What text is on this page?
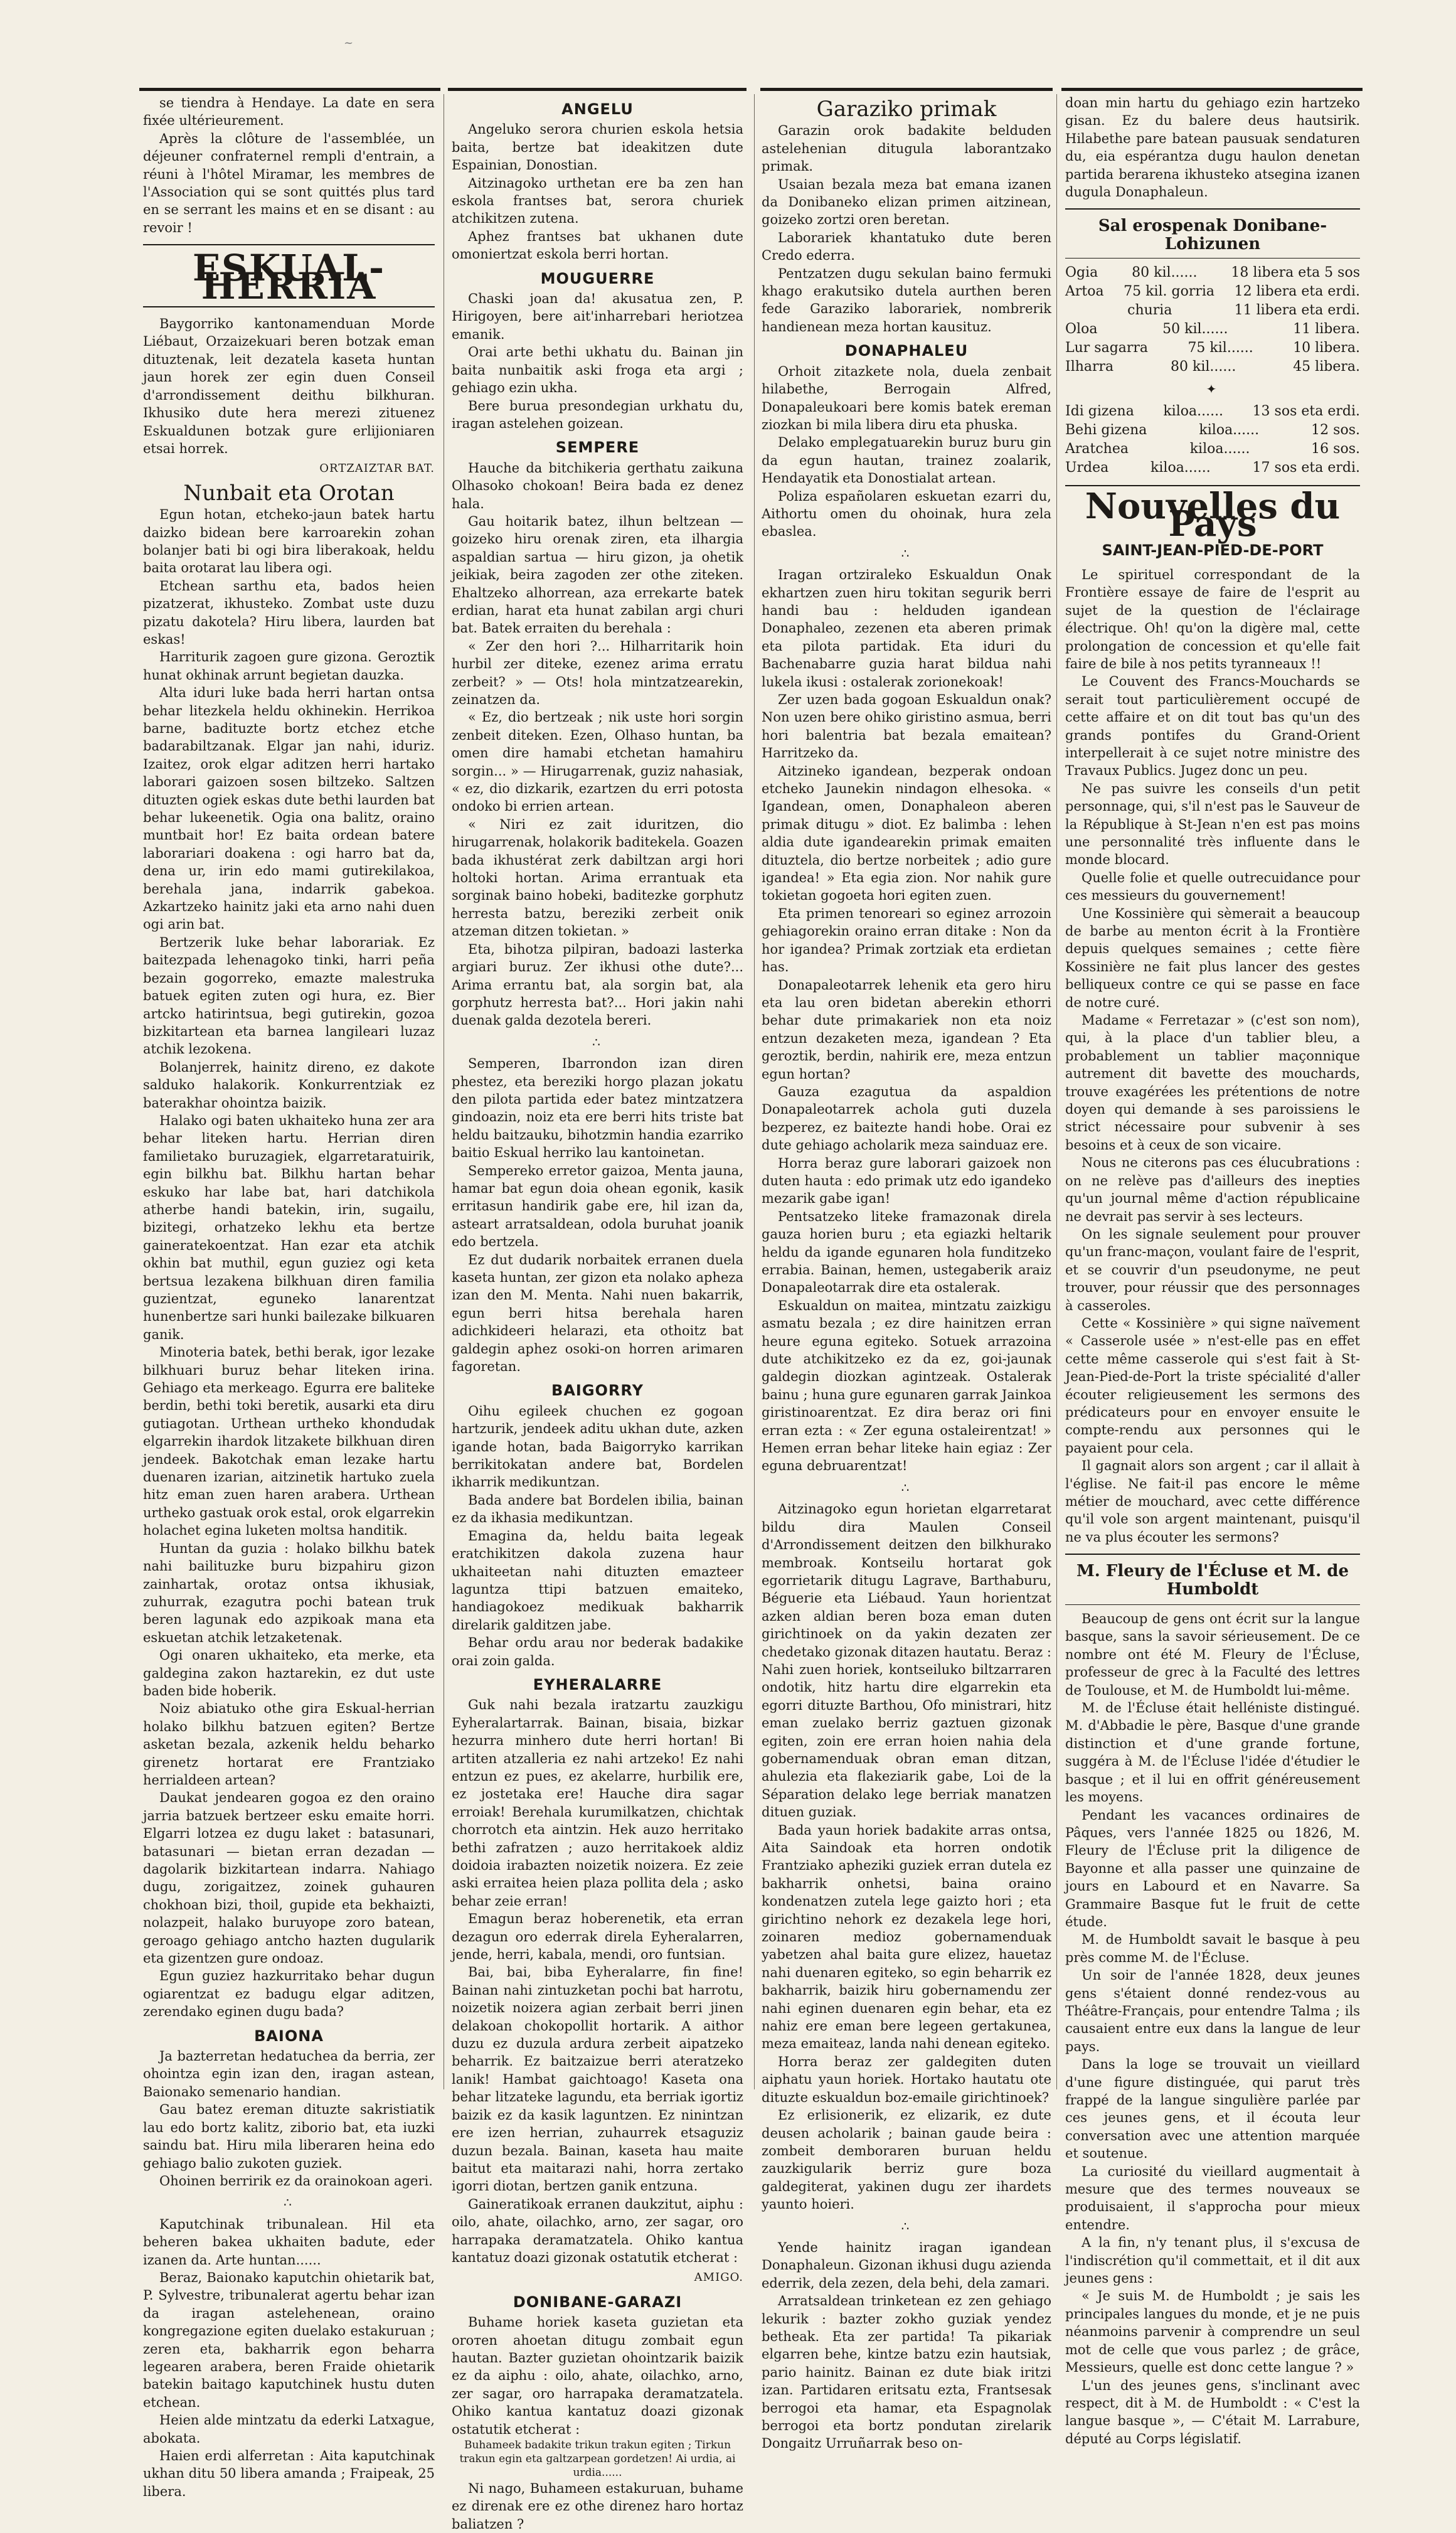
~

se tiendra à Hendaye. La date en sera fixée ultérieurement.

Après la clôture de l'assemblée, un déjeuner confraternel rempli d'entrain, a réuni à l'hôtel Miramar, les membres de l'Association qui se sont quittés plus tard en se serrant les mains et en se disant : au revoir !

ESKUAL-HERRIA

Baygorriko kantonamenduan Morde Liébaut, Orzaizekuari beren botzak eman dituztenak, leit dezatela kaseta huntan jaun horek zer egin duen Conseil d'arrondissement deithu bilkhuran. Ikhusiko dute hera merezi zituenez Eskualdunen botzak gure erlijioniaren etsai horrek.

ORTZAIZTAR BAT.
Nunbait eta Orotan

Egun hotan, etcheko-jaun batek hartu daizko bidean bere karroarekin zohan bolanjer bati bi ogi bira liberakoak, heldu baita orotarat lau libera ogi.

Etchean sarthu eta, bados heien pizatzerat, ikhusteko. Zombat uste duzu pizatu dakotela? Hiru libera, laurden bat eskas!

Harriturik zagoen gure gizona. Geroztik hunat okhinak arrunt begietan dauzka.

Alta iduri luke bada herri hartan ontsa behar litezkela heldu okhinekin. Herrikoa barne, badituzte bortz etchez etche badarabiltzanak. Elgar jan nahi, iduriz. Izaitez, orok elgar aditzen herri hartako laborari gaizoen sosen biltzeko. Saltzen dituzten ogiek eskas dute bethi laurden bat behar lukeenetik. Ogia ona balitz, oraino muntbait hor! Ez baita ordean batere laborariari doakena : ogi harro bat da, dena ur, irin edo mami gutirekilakoa, berehala jana, indarrik gabekoa. Azkartzeko hainitz jaki eta arno nahi duen ogi arin bat.

Bertzerik luke behar laborariak. Ez baitezpada lehenagoko tinki, harri peña bezain gogorreko, emazte malestruka batuek egiten zuten ogi hura, ez. Bier artcko hatirintsua, begi gutirekin, gozoa bizkitartean eta barnea langileari luzaz atchik lezokena.

Bolanjerrek, hainitz direno, ez dakote salduko halakorik. Konkurrentziak ez baterakhar ohointza baizik.

Halako ogi baten ukhaiteko huna zer ara behar liteken hartu. Herrian diren familietako buruzagiek, elgarretaratuirik, egin bilkhu bat. Bilkhu hartan behar eskuko har labe bat, hari datchikola atherbe handi batekin, irin, sugailu, bizitegi, orhatzeko lekhu eta bertze gaineratekoentzat. Han ezar eta atchik okhin bat muthil, egun guziez ogi keta bertsua lezakena bilkhuan diren familia guzientzat, eguneko lanarentzat hunenbertze sari hunki bailezake bilkuaren ganik.

Minoteria batek, bethi berak, igor lezake bilkhuari buruz behar liteken irina. Gehiago eta merkeago. Egurra ere baliteke berdin, bethi toki beretik, ausarki eta diru gutiagotan. Urthean urtheko khondudak elgarrekin ihardok litzakete bilkhuan diren jendeek. Bakotchak eman lezake hartu duenaren izarian, aitzinetik hartuko zuela hitz eman zuen haren arabera. Urthean urtheko gastuak orok estal, orok elgarrekin holachet egina luketen moltsa handitik.

Huntan da guzia : holako bilkhu batek nahi bailituzke buru bizpahiru gizon zainhartak, orotaz ontsa ikhusiak, zuhurrak, ezagutra pochi batean truk beren lagunak edo azpikoak mana eta eskuetan atchik letzaketenak.

Ogi onaren ukhaiteko, eta merke, eta galdegina zakon haztarekin, ez dut uste baden bide hoberik.

Noiz abiatuko othe gira Eskual-herrian holako bilkhu batzuen egiten? Bertze asketan bezala, azkenik heldu beharko girenetz hortarat ere Frantziako herrialdeen artean?

Daukat jendearen gogoa ez den oraino jarria batzuek bertzeer esku emaite horri. Elgarri lotzea ez dugu laket : batasunari, batasunari — bietan erran dezadan — dagolarik bizkitartean indarra. Nahiago dugu, zorigaitzez, zoinek guhauren chokhoan bizi, thoil, gupide eta bekhaizti, nolazpeit, halako buruyope zoro batean, geroago gehiago antcho hazten dugularik eta gizentzen gure ondoaz.

Egun guziez hazkurritako behar dugun ogiarentzat ez badugu elgar aditzen, zerendako eginen dugu bada?

BAIONA

Ja bazterretan hedatuchea da berria, zer ohointza egin izan den, iragan astean, Baionako semenario handian.

Gau batez ereman dituzte sakristiatik lau edo bortz kalitz, ziborio bat, eta iuzki saindu bat. Hiru mila liberaren heina edo gehiago balio zukoten guziek.

Ohoinen berririk ez da orainokoan ageri.

∴

Kaputchinak tribunalean. Hil eta beheren bakea ukhaiten badute, eder izanen da. Arte huntan......

Beraz, Baionako kaputchin ohietarik bat, P. Sylvestre, tribunalerat agertu behar izan da iragan astelehenean, oraino kongregazione egiten duelako estakuruan ; zeren eta, bakharrik egon beharra legearen arabera, beren Fraide ohietarik batekin baitago kaputchinek hustu duten etchean.

Heien alde mintzatu da ederki Latxague, abokata.

Haien erdi alferretan : Aita kaputchinak ukhan ditu 50 libera amanda ; Fraipeak, 25 libera.

ANGELU

Angeluko serora churien eskola hetsia baita, bertze bat ideakitzen dute Espainian, Donostian.

Aitzinagoko urthetan ere ba zen han eskola frantses bat, serora churiek atchikitzen zutena.

Aphez frantses bat ukhanen dute omoniertzat eskola berri hortan.

MOUGUERRE

Chaski joan da! akusatua zen, P. Hirigoyen, bere ait'inharrebari heriotzea emanik.

Orai arte bethi ukhatu du. Bainan jin baita nunbaitik aski froga eta argi ; gehiago ezin ukha.

Bere buruа presondegian urkhatu du, iragan astelehen goizean.

SEMPERE

Hauche da bitchikeria gerthatu zaikuna Olhasoko chokoan! Beira bada ez denez hala.

Gau hoitarik batez, ilhun beltzean — goizeko hiru orenak ziren, eta ilhargia aspaldian sartua — hiru gizon, ja ohetik jeikiak, beira zagoden zer othe ziteken. Ehaltzeko alhorrean, aza errekarte batek erdian, harat eta hunat zabilan argi churi bat. Batek erraiten du berehala :

« Zer den hori ?... Hilharritarik hoin hurbil zer diteke, ezenez arima erratu zerbeit? » — Ots! hola mintzatzearekin, zeinatzen da.

« Ez, dio bertzeak ; nik uste hori sorgin zenbeit diteken. Ezen, Olhaso huntan, ba omen dire hamabi etchetan hamahiru sorgin... » — Hirugarrenak, guziz nahasiak, « ez, dio dizkarik, ezartzen du erri potosta ondoko bi errien artean.

« Niri ez zait iduritzen, dio hirugarrenak, holakorik baditekela. Goazen bada ikhustérat zerk dabiltzan argi hori holtoki hortan. Arima errantuak eta sorginak baino hobeki, baditezke gorphutz herresta batzu, bereziki zerbeit onik atzeman ditzen tokietan. »

Eta, bihotza pilpiran, badoazi lasterka argiari buruz. Zer ikhusi othe dute?... Arima errantu bat, ala sorgin bat, ala gorphutz herresta bat?... Hori jakin nahi duenak galda dezotela bereri.

∴

Semperen, Ibarrondon izan diren phestez, eta bereziki horgo plazan jokatu den pilota partida eder batez mintzatzera gindoazin, noiz eta ere berri hits triste bat heldu baitzauku, bihotzmin handia ezarriko baitio Eskual herriko lau kantoinetan.

Sempereko erretor gaizoa, Menta jauna, hamar bat egun doia ohean egonik, kasik erritasun handirik gabe ere, hil izan da, asteart arratsaldean, odola buruhat joanik edo bertzela.

Ez dut dudarik norbaitek erranen duela kaseta huntan, zer gizon eta nolako apheza izan den M. Menta. Nahi nuen bakarrik, egun berri hitsa berehala haren adichkideeri helarazi, eta othoitz bat galdegin aphez osoki-on horren arimaren fagoretan.

BAIGORRY

Oihu egileek chuchen ez gogoan hartzurik, jendeek aditu ukhan dute, azken igande hotan, bada Baigorryko karrikan berrikitokatan andere bat, Bordelen ikharrik medikuntzan.

Bada andere bat Bordelen ibilia, bainan ez da ikhasia medikuntzan.

Emagina da, heldu baita legeak eratchikitzen dakola zuzena haur ukhaiteetan nahi dituzten emazteer laguntza ttipi batzuen emaiteko, handiagokoez medikuak bakharrik direlarik galditzen jabe.

Behar ordu arau nor bederak badakike orai zoin galda.

EYHERALARRE

Guk nahi bezala iratzartu zauzkigu Eyheralartarrak. Bainan, bisaia, bizkar hezurra minhero dute herri hortan! Bi artiten atzalleria ez nahi artzeko! Ez nahi entzun ez pues, ez akelarre, hurbilik ere, ez jostetaka ere! Hauche dira sagar erroiak! Berehala kurumilkatzen, chichtak chorrotch eta aintzin. Hek auzo herritako bethi zafratzen ; auzo herritakoek aldiz doidoia irabazten noizetik noizera. Ez zeie aski erraitea heien plaza pollita dela ; asko behar zeie erran!

Emagun beraz hoberenetik, eta erran dezagun oro ederrak direla Eyheralarren, jende, herri, kabala, mendi, oro funtsian.

Bai, bai, biba Eyheralarre, fin fine! Bainan nahi zintuzketan pochi bat harrotu, noizetik noizera agian zerbait berri jinen delakoan chokopollit hortarik. A aithor duzu ez duzula ardura zerbeit aipatzeko beharrik. Ez baitzaizue berri ateratzeko lanik! Hambat gaichtoago! Kaseta ona behar litzateke lagundu, eta berriak igortiz baizik ez da kasik laguntzen. Ez ninintzan ere izen herrian, zuhaurrek etsaguziz duzun bezala. Bainan, kaseta hau maite baitut eta maitarazi nahi, horra zertako igorri diotan, bertzen ganik entzuna.

Gaineratikoak erranen daukzitut, aiphu : oilo, ahate, oilachko, arno, zer sagar, oro harrapaka deramatzatela. Ohiko kantua kantatuz doazi gizonak ostatutik etcherat :

AMIGO.
DONIBANE-GARAZI

Buhame horiek kaseta guzietan eta oroтen ahoetan ditugu zombait egun hautan. Bazter guzietan ohointzarik baizik ez da aiphu : oilo, ahate, oilachko, arno, zer sagar, oro harrapaka deramatzatela. Ohiko kantua kantatuz doazi gizonak ostatutik etcherat :

Buhameek badakite trikun trakun egiten ; Tirkun trakun egin eta galtzarpean gordetzen! Ai urdia, ai urdia......

Ni nago, Buhameen estakuruan, buhame ez direnak ere ez othe direnez haro hortaz baliatzen ?

Garaziko primak

Garazin orok badakite belduden astelehenian ditugula laborantzako primak.

Usaian bezala meza bat emana izanen da Donibaneko elizan primen aitzinean, goizeko zortzi oren beretan.

Laborariek khantatuko dute beren Credo ederra.

Pentzatzen dugu sekulan baino fermuki khago erakutsiko dutela aurthen beren fede Garaziko laborariek, nombrerik handienean meza hortan kausituz.

DONAPHALEU

Orhoit zitazkete nola, duela zenbait hilabethe, Berrogain Alfred, Donapaleukoari bere komis batek ereman ziozkan bi mila libera diru eta phuska.

Delako emplegatuarekin buruz buru gin da egun hautan, trainez zoalarik, Hendayatik eta Donostialat artean.

Poliza españolaren eskuetan ezarri du, Aithortu omen du ohoinak, hura zela ebaslea.

∴

Iragan ortziraleko Eskualdun Onak ekhartzen zuen hiru tokitan segurik berri handi bau : helduden igandean Donaphaleo, zezenen eta aberen primak eta pilota partidak. Eta iduri du Bachenabarre guzia harat bildua nahi lukela ikusi : ostalerak zorionekoak!

Zer uzen bada gogoan Eskualdun onak? Non uzen bere ohiko giristino asmua, berri hori balentria bat bezala emaiteаn? Harritzeko da.

Aitzineko igandean, bezperak ondoan etcheko Jaunekin nindagon elhesoka. « Igandean, omen, Donaphaleon aberen primak ditugu » diot. Ez balimba : lehen aldia dute igandearekin primak emaiten dituztela, dio bertze norbeitek ; adio gure igandea! » Eta egia zion. Nor nahik gure tokietan gogoeta hori egiten zuen.

Eta primen tenoreari so eginez arrozoin gehiagorekin oraino erran ditake : Non da hor igandea? Primak zortziak eta erdietan has.

Donapaleotarrek lehenik eta gero hiru eta lau oren bidetan aberekin ethorri behar dute primakariek non eta noiz entzun dezaketen meza, igandean ? Eta geroztik, berdin, nahirik ere, meza entzun egun hortan?

Gauza ezagutua da aspaldion Donapaleotarrek achola guti duzela bezperez, ez baitezte handi hobe. Orai ez dute gehiago acholarik meza sainduaz ere.

Horra beraz gure laborari gaizoek non duten hauta : edo primak utz edo igandeko mezarik gabe igan!

Pentsatzeko liteke framazonak direla gauza horien buru ; eta egiazki heltarik heldu da igande egunaren hola funditzeko errabia. Bainan, hemen, ustegaberik araiz Donapaleotarrak dire eta ostalerak.

Eskualdun on maitea, mintzatu zaizkigu asmatu bezala ; ez dire hainitzen erran heure eguna egiteko. Sotuek arrazoina dute atchikitzeko ez da ez, goi-jaunak galdegin diozkan agintzeak. Ostalerak bainu ; huna gure egunaren garrak Jainkoa giristinoarentzat. Ez dira beraz ori fini erran ezta : « Zer eguna ostaleirentzat! » Hemen erran behar liteke hain egiaz : Zer eguna debruarentzat!

∴

Aitzinagoko egun horietan elgarretarat bildu dira Maulen Conseil d'Arrondissement deitzen den bilkhurako membroak. Kontseilu hortarat gok egorrietarik ditugu Lagrave, Barthaburu, Béguerie eta Liébaud. Yaun horientzat azken aldian beren boza eman duten girichtinoek on da yakin dezaten zer chedetako gizonak ditazen hautatu. Beraz : Nahi zuen horiek, kontseiluko biltzarraren ondotik, hitz hartu dire elgarrekin eta egorri dituzte Barthou, Ofo ministrari, hitz eman zuelako berriz gaztuen gizonak egiten, zoin ere erran hoien nahia dela gobernamenduak obran eman ditzan, ahulezia eta flakeziarik gabe, Loi de la Séparation delako lege berriak manatzen dituen guziak.

Bada yaun horiek badakite arras ontsa, Aita Saindoak eta horren ondotik Frantziako apheziki guziek erran dutela ez bakharrik onhetsi, baina oraino kondenatzen zutela lege gaizto hori ; eta girichtino nehork ez dezakela lege hori, zoinaren medioz gobernamenduak yabetzen ahal baita gure elizez, hauetaz nahi duenaren egiteko, so egin beharrik ez bakharrik, baizik hiru gobernamendu zer nahi eginen duenaren egin behar, eta ez nahiz ere eman bere legeen gertakunea, meza emaiteaz, landa nahi denean egiteko.

Horra beraz zer galdegiten duten aiphatu yaun horiek. Hortako hautatu ote dituzte eskualdun boz-emaile girichtinoek?

Ez erlisionerik, ez elizarik, ez dute deusen acholarik ; bainan gaude beira : zombeit demborаren buruan heldu zauzkigularik berriz gure boza galdegiterat, yakinen dugu zer ihardets yaunto hoieri.

∴

Yende hainitz iragan igandean Donaphaleun. Gizonan ikhusi dugu azienda ederrik, dela zezen, dela behi, dela zamari.

Arratsaldean trinketean ez zen gehiago lekurik : bazter zokho guziak yendez bethеak. Eta zer partida! Ta pikariak elgarren behe, kintze batzu ezin hautsiak, pario hainitz. Bainan ez dute biak iritzi izan. Partidaren eritsatu ezta, Frantsesak berrogoi eta hamar, eta Espagnolak berrogoi eta bortz pondutan zirelarik Dongaitz Urruñarrak beso on-

doan min hartu du gehiago ezin hartzeko gisan. Ez du balere deus hautsirik. Hilabethe pare batean pausuak sendaturen du, eia espérantza dugu haulon denetan partida berarena ikhusteko atsegina izanen dugula Donaphaleun.

Sal erospenak Donibane-Lohizunen
Ogia 80 kil...... 18 libera eta 5 sos
Artoa 75 kil. gorria 12 libera eta erdi.
churia	11 libera eta erdi.
Oloa	50 kil......	11 libera.
Lur sagarra	75 kil......	10 libera.
Ilharra	80 kil......	45 libera.
✦
Idi gizena kiloa...... 13 sos eta erdi.
Behi gizena	kiloa......	12 sos.
Aratchea	kiloa......	16 sos.
Urdea	kiloa......	17 sos eta erdi.
Nouvelles du Pays
SAINT-JEAN-PIED-DE-PORT

Le spirituel correspondant de la Frontière essaye de faire de l'esprit au sujet de la question de l'éclairage électrique. Oh! qu'on la digère mal, cette prolongation de concession et qu'elle fait faire de bile à nos petits tyranneaux !!

Le Couvent des Francs-Mouchards se serait tout particulièrement occupé de cette affaire et on dit tout bas qu'un des grands pontifes du Grand-Orient interpellerait à ce sujet notre ministre des Travaux Publics. Jugez donc un peu.

Ne pas suivre les conseils d'un petit personnage, qui, s'il n'est pas le Sauveur de la République à St-Jean n'en est pas moins une personnalité très influente dans le monde blocard.

Quelle folie et quelle outrecuidance pour ces messieurs du gouvernement!

Une Kossinière qui sèmerait a beaucoup de barbe au menton écrit à la Frontière depuis quelques semaines ; cette fière Kossinière ne fait plus lancer des gestes belliqueux contre ce qui se passe en face de notre curé.

Madame « Ferretazar » (c'est son nom), qui, à la place d'un tablier bleu, a probablement un tablier maçonnique autrement dit bavette des mouchards, trouve exagérées les prétentions de notre doyen qui demande à ses paroissiens le strict nécessaire pour subvenir à ses besoins et à ceux de son vicaire.

Nous ne citerons pas ces élucubrations : on ne relève pas d'ailleurs des inepties qu'un journal même d'action républicaine ne devrait pas servir à ses lecteurs.

On les signale seulement pour prouver qu'un franc-maçon, voulant faire de l'esprit, et se couvrir d'un pseudonyme, ne peut trouver, pour réussir que des personnages à casseroles.

Cette « Kossinière » qui signe naïvement « Casserole usée » n'est-elle pas en effet cette même casserole qui s'est fait à St-Jean-Pied-de-Port la triste spécialité d'aller écouter religieusement les sermons des prédicateurs pour en envoyer ensuite le compte-rendu aux personnes qui le payaient pour cela.

Il gagnait alors son argent ; car il allait à l'église. Ne fait-il pas encore le même métier de mouchard, avec cette différence qu'il vole son argent maintenant, puisqu'il ne va plus écouter les sermons?

M. Fleury de l'Écluse et M. de Humboldt

Beaucoup de gens ont écrit sur la langue basque, sans la savoir sérieusement. De ce nombre ont été M. Fleury de l'Écluse, professeur de grec à la Faculté des lettres de Toulouse, et M. de Humboldt lui-même.

M. de l'Écluse était helléniste distingué. M. d'Abbadie le père, Basque d'une grande distinction et d'une grande fortune, suggéra à M. de l'Écluse l'idée d'étudier le basque ; et il lui en offrit généreusement les moyens.

Pendant les vacances ordinaires de Pâques, vers l'année 1825 ou 1826, M. Fleury de l'Écluse prit la diligence de Bayonne et alla passer une quinzaine de jours en Labourd et en Navarre. Sa Grammaire Basque fut le fruit de cette étude.

M. de Humboldt savait le basque à peu près comme M. de l'Écluse.

Un soir de l'année 1828, deux jeunes gens s'étaient donné rendez-vous au Théâtre-Français, pour entendre Talma ; ils causaient entre eux dans la langue de leur pays.

Dans la loge se trouvait un vieillard d'une figure distinguée, qui parut très frappé de la langue singulière parlée par ces jeunes gens, et il écouta leur conversation avec une attention marquée et soutenue.

La curiosité du vieillard augmentait à mesure que des termes nouveaux se produisaient, il s'approcha pour mieux entendre.

A la fin, n'y tenant plus, il s'excusa de l'indiscrétion qu'il commettait, et il dit aux jeunes gens :

« Je suis M. de Humboldt ; je sais les principales langues du monde, et je ne puis néanmoins parvenir à comprendre un seul mot de celle que vous parlez ; de grâce, Messieurs, quelle est donc cette langue ? »

L'un des jeunes gens, s'inclinant avec respect, dit à M. de Humboldt : « C'est la langue basque », — C'était M. Larrabure, député au Corps législatif.
